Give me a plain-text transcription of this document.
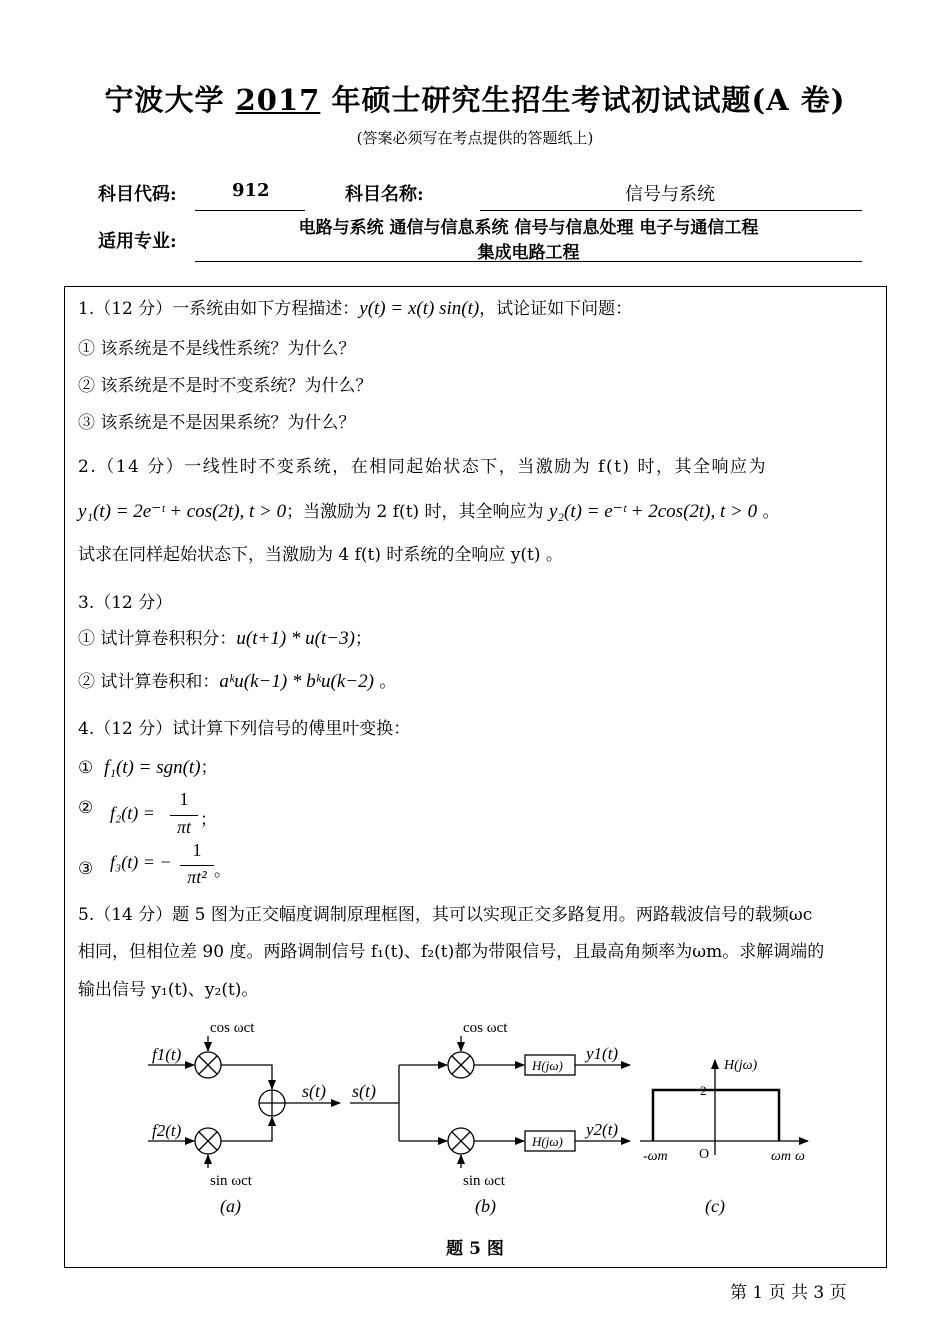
宁波大学 2017 年硕士研究生招生考试初试试题(A 卷)
(答案必须写在考点提供的答题纸上)
科目代码:	912	科目名称:	信号与系统
适用专业:
电路与系统 通信与信息系统 信号与信息处理 电子与通信工程
集成电路工程
1.（12 分）一系统由如下方程描述：y(t) = x(t) sin(t)，试论证如下问题：
① 该系统是不是线性系统？为什么？
② 该系统是不是时不变系统？为什么？
③ 该系统是不是因果系统？为什么？
2.（14 分）一线性时不变系统，在相同起始状态下，当激励为 f(t) 时，其全响应为
y₁(t) = 2e⁻ᵗ + cos(2t), t > 0；当激励为 2 f(t) 时，其全响应为 y₂(t) = e⁻ᵗ + 2cos(2t), t > 0 。
试求在同样起始状态下，当激励为 4 f(t) 时系统的全响应 y(t) 。
3.（12 分）
① 试计算卷积积分：u(t+1) * u(t−3)；
② 试计算卷积和：aᵏu(k−1) * bᵏu(k−2) 。
4.（12 分）试计算下列信号的傅里叶变换：
① f₁(t) = sgn(t)；
② f₂(t) =
1
πt ；
③ f₃(t) = −
1
πt² 。
5.（14 分）题 5 图为正交幅度调制原理框图，其可以实现正交多路复用。两路载波信号的载频ωc
相同，但相位差 90 度。两路调制信号 f₁(t)、f₂(t)都为带限信号，且最高角频率为ωm。求解调端的
输出信号 y₁(t)、y₂(t)。
cos ωct
f1(t)
f2(t)
sin ωct
s(t)
(a)
s(t)
cos ωct
sin ωct
H(jω)
H(jω)
y1(t)
y2(t)
(b)
H(jω)
2
-ωm O	ωm ω
(c)
题 5 图
第 1 页 共 3 页
